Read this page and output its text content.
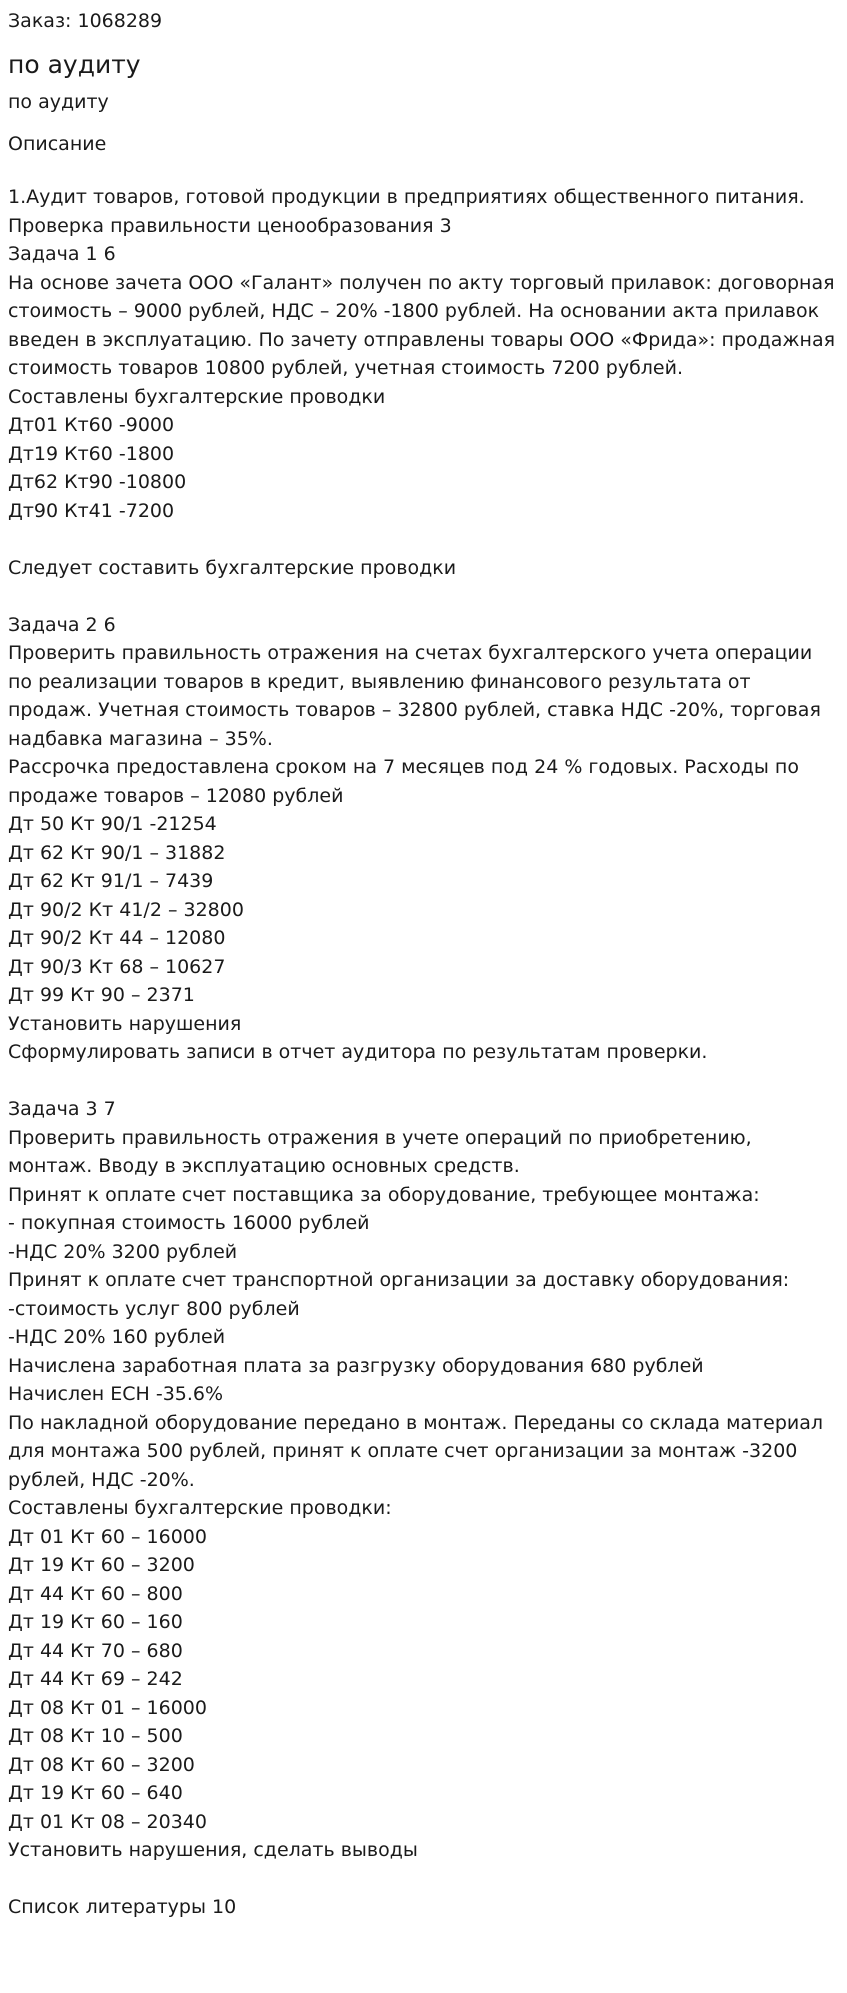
Заказ: 1068289
по аудиту
по аудиту
Описание
1.Аудит товаров, готовой продукции в предприятиях общественного питания.
Проверка правильности ценообразования 3
Задача 1 6
На основе зачета ООО «Галант» получен по акту торговый прилавок: договорная
стоимость – 9000 рублей, НДС – 20% -1800 рублей. На основании акта прилавок
введен в эксплуатацию. По зачету отправлены товары ООО «Фрида»: продажная
стоимость товаров 10800 рублей, учетная стоимость 7200 рублей.
Составлены бухгалтерские проводки
Дт01 Кт60 -9000
Дт19 Кт60 -1800
Дт62 Кт90 -10800
Дт90 Кт41 -7200
Следует составить бухгалтерские проводки
Задача 2 6
Проверить правильность отражения на счетах бухгалтерского учета операции
по реализации товаров в кредит, выявлению финансового результата от
продаж. Учетная стоимость товаров – 32800 рублей, ставка НДС -20%, торговая
надбавка магазина – 35%.
Рассрочка предоставлена сроком на 7 месяцев под 24 % годовых. Расходы по
продаже товаров – 12080 рублей
Дт 50 Кт 90/1 -21254
Дт 62 Кт 90/1 – 31882
Дт 62 Кт 91/1 – 7439
Дт 90/2 Кт 41/2 – 32800
Дт 90/2 Кт 44 – 12080
Дт 90/3 Кт 68 – 10627
Дт 99 Кт 90 – 2371
Установить нарушения
Сформулировать записи в отчет аудитора по результатам проверки.
Задача 3 7
Проверить правильность отражения в учете операций по приобретению,
монтаж. Вводу в эксплуатацию основных средств.
Принят к оплате счет поставщика за оборудование, требующее монтажа:
- покупная стоимость 16000 рублей
-НДС 20% 3200 рублей
Принят к оплате счет транспортной организации за доставку оборудования:
-стоимость услуг 800 рублей
-НДС 20% 160 рублей
Начислена заработная плата за разгрузку оборудования 680 рублей
Начислен ЕСН -35.6%
По накладной оборудование передано в монтаж. Переданы со склада материал
для монтажа 500 рублей, принят к оплате счет организации за монтаж -3200
рублей, НДС -20%.
Составлены бухгалтерские проводки:
Дт 01 Кт 60 – 16000
Дт 19 Кт 60 – 3200
Дт 44 Кт 60 – 800
Дт 19 Кт 60 – 160
Дт 44 Кт 70 – 680
Дт 44 Кт 69 – 242
Дт 08 Кт 01 – 16000
Дт 08 Кт 10 – 500
Дт 08 Кт 60 – 3200
Дт 19 Кт 60 – 640
Дт 01 Кт 08 – 20340
Установить нарушения, сделать выводы
Список литературы 10
